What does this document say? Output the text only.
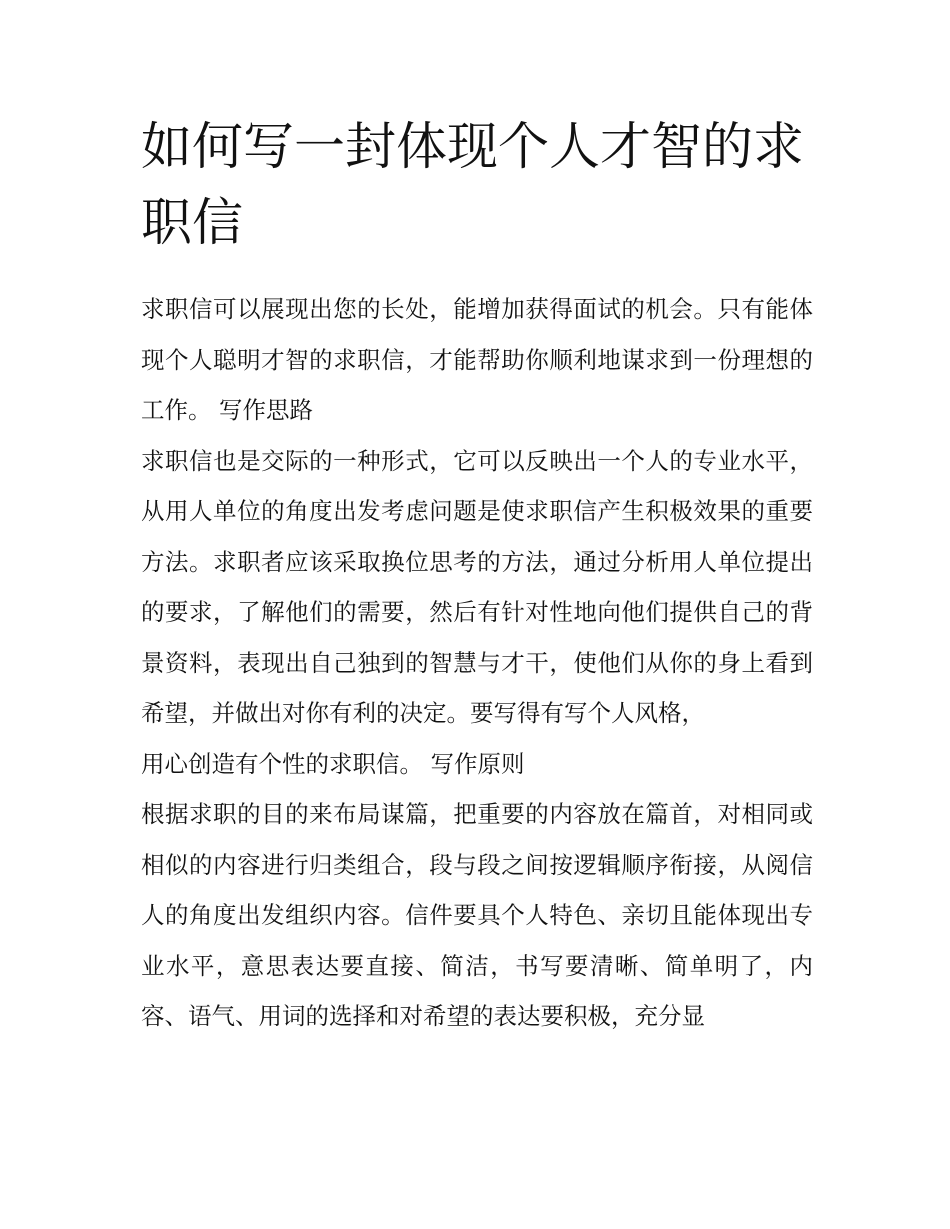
如何写一封体现个人才智的求职信

求职信可以展现出您的长处，能增加获得面试的机会。只有能体现个人聪明才智的求职信，才能帮助你顺利地谋求到一份理想的工作。 写作思路

求职信也是交际的一种形式，它可以反映出一个人的专业水平，从用人单位的角度出发考虑问题是使求职信产生积极效果的重要方法。求职者应该采取换位思考的方法，通过分析用人单位提出的要求，了解他们的需要，然后有针对性地向他们提供自己的背景资料，表现出自己独到的智慧与才干，使他们从你的身上看到希望，并做出对你有利的决定。要写得有写个人风格，

用心创造有个性的求职信。 写作原则

根据求职的目的来布局谋篇，把重要的内容放在篇首，对相同或相似的内容进行归类组合，段与段之间按逻辑顺序衔接，从阅信人的角度出发组织内容。信件要具个人特色、亲切且能体现出专业水平，意思表达要直接、简洁，书写要清晰、简单明了，内容、语气、用词的选择和对希望的表达要积极，充分显
